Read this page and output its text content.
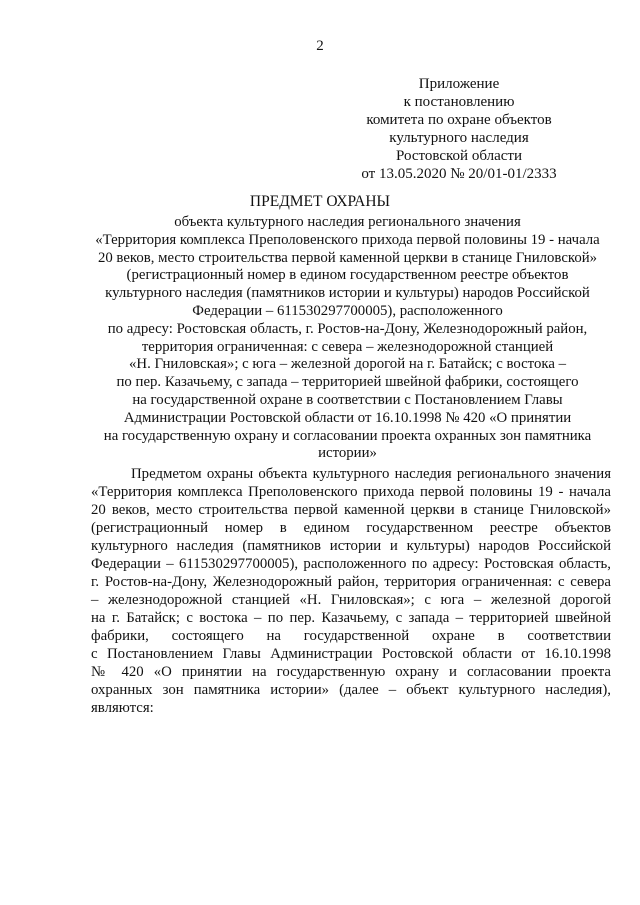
2
Приложение
к постановлению
комитета по охране объектов
культурного наследия
Ростовской области
от 13.05.2020 № 20/01-01/2333
ПРЕДМЕТ ОХРАНЫ
объекта культурного наследия регионального значения
«Территория комплекса Преполовенского прихода первой половины 19 - начала
20 веков, место строительства первой каменной церкви в станице Гниловской»
(регистрационный номер в едином государственном реестре объектов
культурного наследия (памятников истории и культуры) народов Российской
Федерации – 611530297700005), расположенного
по адресу: Ростовская область, г. Ростов-на-Дону, Железнодорожный район,
территория ограниченная: с севера – железнодорожной станцией
«Н. Гниловская»; с юга – железной дорогой на г. Батайск; с востока –
по пер. Казачьему, с запада – территорией швейной фабрики, состоящего
на государственной охране в соответствии с Постановлением Главы
Администрации Ростовской области от 16.10.1998 № 420 «О принятии
на государственную охрану и согласовании проекта охранных зон памятника
истории»
Предметом охраны объекта культурного наследия регионального значения
«Территория комплекса Преполовенского прихода первой половины 19 - начала
20 веков, место строительства первой каменной церкви в станице Гниловской»
(регистрационный номер в едином государственном реестре объектов
культурного наследия (памятников истории и культуры) народов Российской
Федерации – 611530297700005), расположенного по адресу: Ростовская область,
г. Ростов-на-Дону, Железнодорожный район, территория ограниченная: с севера
– железнодорожной станцией «Н. Гниловская»; с юга – железной дорогой
на г. Батайск; с востока – по пер. Казачьему, с запада – территорией швейной
фабрики, состоящего на государственной охране в соответствии
с Постановлением Главы Администрации Ростовской области от 16.10.1998
№ 420 «О принятии на государственную охрану и согласовании проекта
охранных зон памятника истории» (далее – объект культурного наследия),
являются:
